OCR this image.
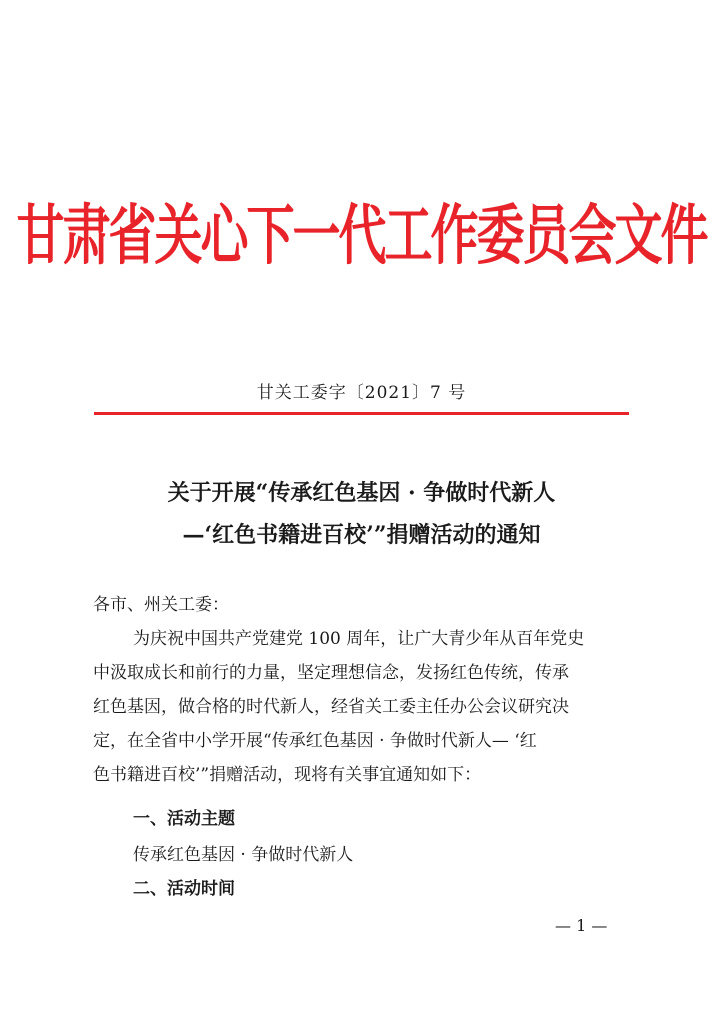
甘肃省关心下一代工作委员会文件
甘关工委字〔2021〕7 号
关于开展“传承红色基因 · 争做时代新人
—‘红色书籍进百校’”捐赠活动的通知
各市、州关工委：
为庆祝中国共产党建党 100 周年，让广大青少年从百年党史
中汲取成长和前行的力量，坚定理想信念，发扬红色传统，传承
红色基因，做合格的时代新人，经省关工委主任办公会议研究决
定，在全省中小学开展“传承红色基因 · 争做时代新人— ‘红
色书籍进百校’”捐赠活动，现将有关事宜通知如下：
一、活动主题
传承红色基因 · 争做时代新人
二、活动时间
— 1 —
